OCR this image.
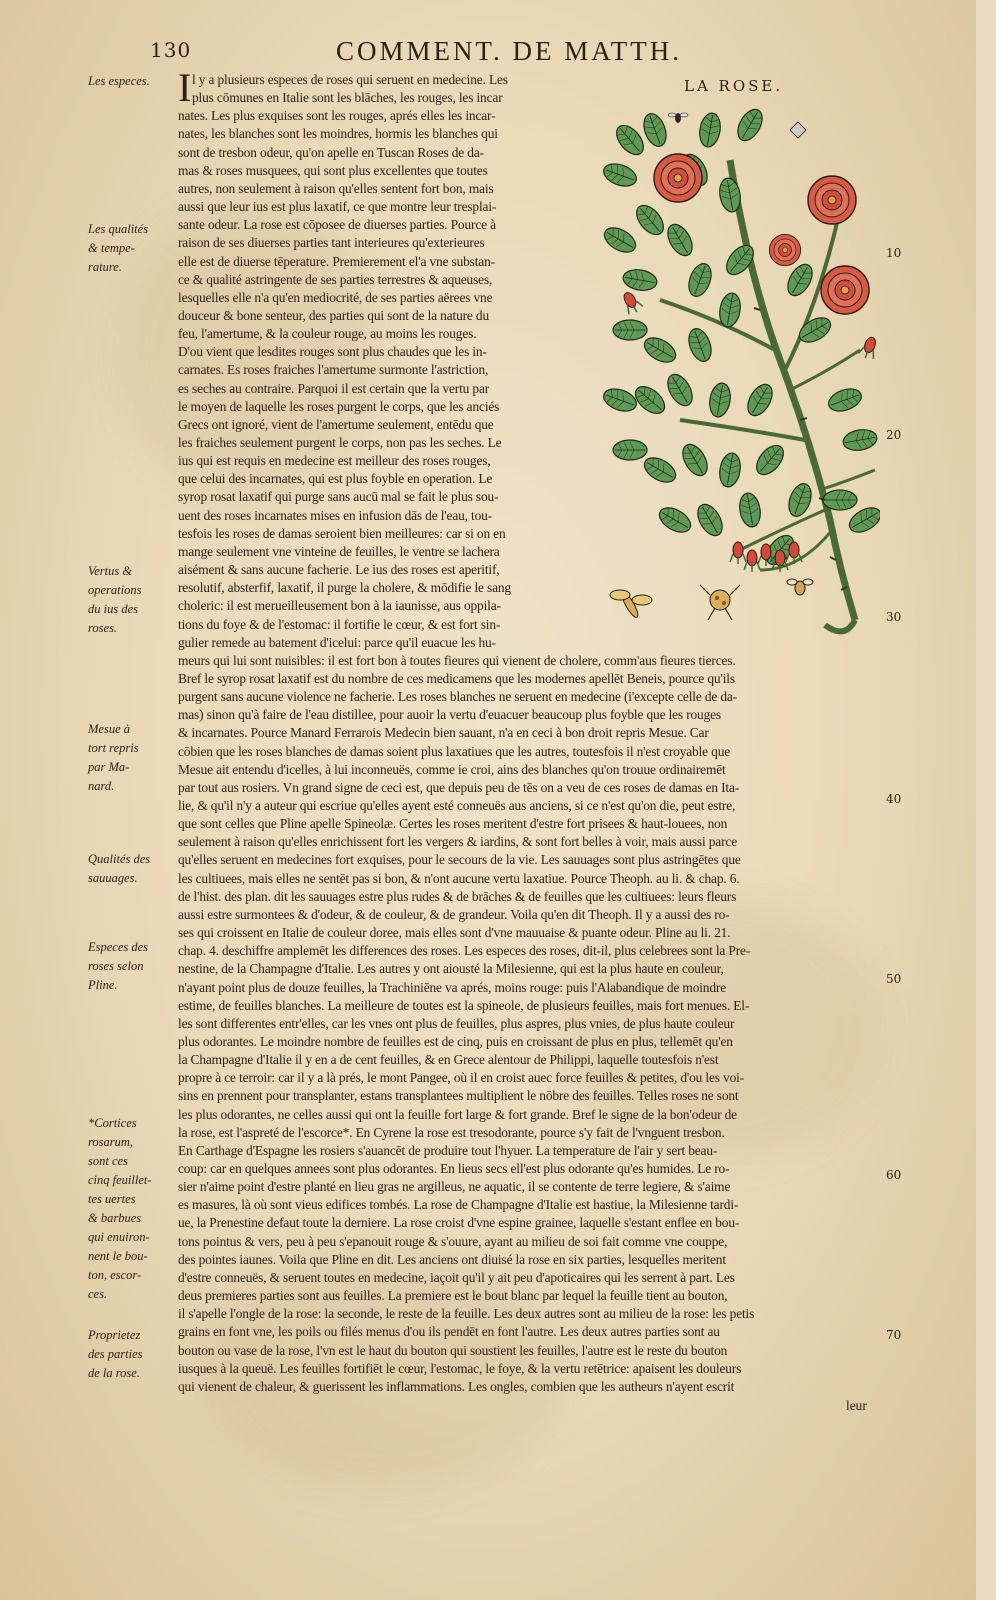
130	COMMENT. DE MATTH.
LA ROSE.
Les especes.
Les qualités
& tempe-
rature.
Vertus &
operations
du ius des
roses.
Mesue à
tort repris
par Ma-
nard.
Qualités des
sauuages.
Especes des
roses selon
Pline.
*Cortices
rosarum,
sont ces
cinq feuillet-
tes uertes
& barbues
qui enuiron-
nent le bou-
ton, escor-
ces.
Proprietez
des parties
de la rose.
10
20
30
40
50
60
70
I l y a plusieurs especes de roses qui seruent en medecine. Les
plus cōmunes en Italie sont les blāches, les rouges, les incar
nates. Les plus exquises sont les rouges, aprés elles les incar-
nates, les blanches sont les moindres, hormis les blanches qui
sont de tresbon odeur, qu'on apelle en Tuscan Roses de da-
mas & roses musquees, qui sont plus excellentes que toutes
autres, non seulement à raison qu'elles sentent fort bon, mais
aussi que leur ius est plus laxatif, ce que montre leur tresplai-
sante odeur. La rose est cōposee de diuerses parties. Pource à
raison de ses diuerses parties tant interieures qu'exterieures
elle est de diuerse tēperature. Premierement el'a vne substan-
ce & qualité astringente de ses parties terrestres & aqueuses,
lesquelles elle n'a qu'en mediocrité, de ses parties aërees vne
douceur & bone senteur, des parties qui sont de la nature du
feu, l'amertume, & la couleur rouge, au moins les rouges.
D'ou vient que lesdites rouges sont plus chaudes que les in-
carnates. Es roses fraiches l'amertume surmonte l'astriction,
es seches au contraire. Parquoi il est certain que la vertu par
le moyen de laquelle les roses purgent le corps, que les anciés
Grecs ont ignoré, vient de l'amertume seulement, entēdu que
les fraiches seulement purgent le corps, non pas les seches. Le
ius qui est requis en medecine est meilleur des roses rouges,
que celui des incarnates, qui est plus foyble en operation. Le
syrop rosat laxatif qui purge sans aucū mal se fait le plus sou-
uent des roses incarnates mises en infusion dās de l'eau, tou-
tesfois les roses de damas seroient bien meilleures: car si on en
mange seulement vne vinteine de feuilles, le ventre se lachera
aisément & sans aucune facherie. Le ius des roses est aperitif,
resolutif, absterfif, laxatif, il purge la cholere, & mōdifie le sang
choleric: il est merueilleusement bon à la iaunisse, aus oppila-
tions du foye & de l'estomac: il fortifie le cœur, & est fort sin-
gulier remede au batement d'icelui: parce qu'il euacue les hu-
meurs qui lui sont nuisibles: il est fort bon à toutes fieures qui vienent de cholere, comm'aus fieures tierces.
Bref le syrop rosat laxatif est du nombre de ces medicamens que les modernes apellēt Beneis, pource qu'ils
purgent sans aucune violence ne facherie. Les roses blanches ne seruent en medecine (i'excepte celle de da-
mas) sinon qu'à faire de l'eau distillee, pour auoir la vertu d'euacuer beaucoup plus foyble que les rouges
& incarnates. Pource Manard Ferrarois Medecin bien sauant, n'a en ceci à bon droit repris Mesue. Car
cōbien que les roses blanches de damas soient plus laxatiues que les autres, toutesfois il n'est croyable que
Mesue ait entendu d'icelles, à lui inconneuës, comme ie croi, ains des blanches qu'on trouue ordinairemēt
par tout aus rosiers. Vn grand signe de ceci est, que depuis peu de tēs on a veu de ces roses de damas en Ita-
lie, & qu'il n'y a auteur qui escriue qu'elles ayent esté conneuës aus anciens, si ce n'est qu'on die, peut estre,
que sont celles que Pline apelle Spineolæ. Certes les roses meritent d'estre fort prisees & haut-louees, non
seulement à raison qu'elles enrichissent fort les vergers & iardins, & sont fort belles à voir, mais aussi parce
qu'elles seruent en medecines fort exquises, pour le secours de la vie. Les sauuages sont plus astringētes que
les cultiuees, mais elles ne sentēt pas si bon, & n'ont aucune vertu laxatiue. Pource Theoph. au li. & chap. 6.
de l'hist. des plan. dit les sauuages estre plus rudes & de brāches & de feuilles que les cultiuees: leurs fleurs
aussi estre surmontees & d'odeur, & de couleur, & de grandeur. Voila qu'en dit Theoph. Il y a aussi des ro-
ses qui croissent en Italie de couleur doree, mais elles sont d'vne mauuaise & puante odeur. Pline au li. 21.
chap. 4. deschiffre amplemēt les differences des roses. Les especes des roses, dit-il, plus celebrees sont la Pre-
nestine, de la Champagne d'Italie. Les autres y ont aiousté la Milesienne, qui est la plus haute en couleur,
n'ayant point plus de douze feuilles, la Trachiniēne va aprés, moins rouge: puis l'Alabandique de moindre
estime, de feuilles blanches. La meilleure de toutes est la spineole, de plusieurs feuilles, mais fort menues. El-
les sont differentes entr'elles, car les vnes ont plus de feuilles, plus aspres, plus vnies, de plus haute couleur
plus odorantes. Le moindre nombre de feuilles est de cinq, puis en croissant de plus en plus, tellemēt qu'en
la Champagne d'Italie il y en a de cent feuilles, & en Grece alentour de Philippi, laquelle toutesfois n'est
propre à ce terroir: car il y a là prés, le mont Pangee, où il en croist auec force feuilles & petites, d'ou les voi-
sins en prennent pour transplanter, estans transplantees multiplient le nōbre des feuilles. Telles roses ne sont
les plus odorantes, ne celles aussi qui ont la feuille fort large & fort grande. Bref le signe de la bon'odeur de
la rose, est l'aspreté de l'escorce*. En Cyrene la rose est tresodorante, pource s'y fait de l'vnguent tresbon.
En Carthage d'Espagne les rosiers s'auancēt de produire tout l'hyuer. La temperature de l'air y sert beau-
coup: car en quelques annees sont plus odorantes. En lieus secs ell'est plus odorante qu'es humides. Le ro-
sier n'aime point d'estre planté en lieu gras ne argilleus, ne aquatic, il se contente de terre legiere, & s'aime
es masures, là où sont vieus edifices tombés. La rose de Champagne d'Italie est hastiue, la Milesienne tardi-
ue, la Prenestine defaut toute la derniere. La rose croist d'vne espine grainee, laquelle s'estant enflee en bou-
tons pointus & vers, peu à peu s'epanouit rouge & s'ouure, ayant au milieu de soi fait comme vne couppe,
des pointes iaunes. Voila que Pline en dit. Les anciens ont diuisé la rose en six parties, lesquelles meritent
d'estre conneuës, & seruent toutes en medecine, iaçoit qu'il y ait peu d'apoticaires qui les serrent à part. Les
deus premieres parties sont aus feuilles. La premiere est le bout blanc par lequel la feuille tient au bouton,
il s'apelle l'ongle de la rose: la seconde, le reste de la feuille. Les deux autres sont au milieu de la rose: les petis
grains en font vne, les poils ou filés menus d'ou ils pendēt en font l'autre. Les deux autres parties sont au
bouton ou vase de la rose, l'vn est le haut du bouton qui soustient les feuilles, l'autre est le reste du bouton
iusques à la queuë. Les feuilles fortifiēt le cœur, l'estomac, le foye, & la vertu retētrice: apaisent les douleurs
qui vienent de chaleur, & guerissent les inflammations. Les ongles, combien que les autheurs n'ayent escrit
leur
